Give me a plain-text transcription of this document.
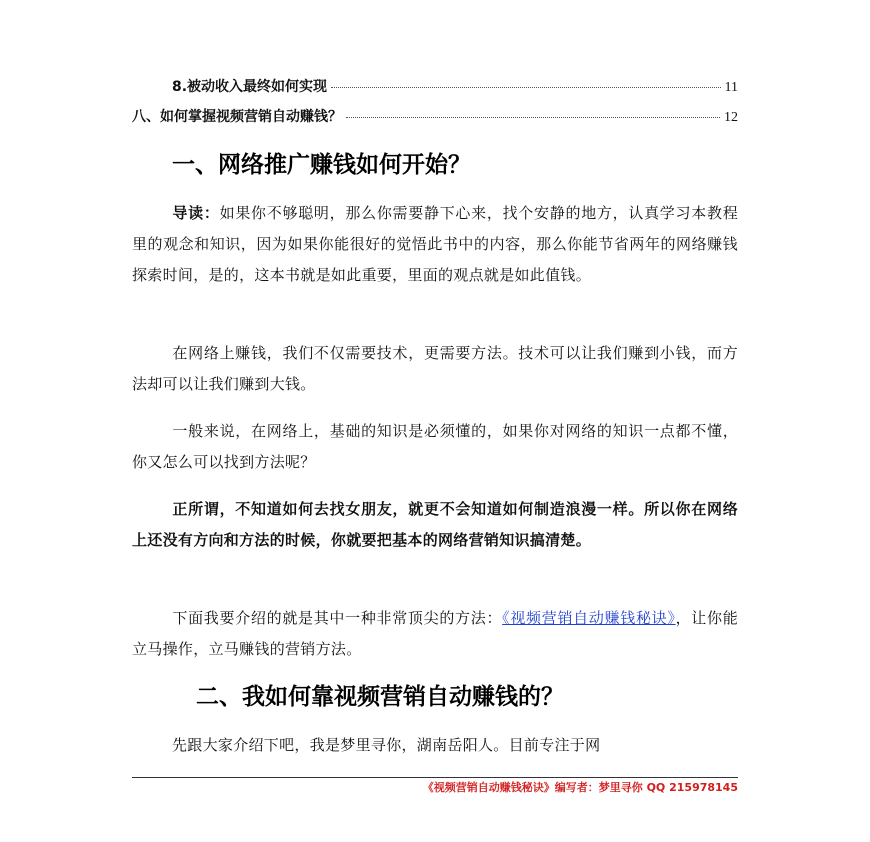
8.被动收入最终如何实现	11
八、如何掌握视频营销自动赚钱？	12
一、网络推广赚钱如何开始？

导读：如果你不够聪明，那么你需要静下心来，找个安静的地方，认真学习本教程里的观念和知识，因为如果你能很好的觉悟此书中的内容，那么你能节省两年的网络赚钱探索时间，是的，这本书就是如此重要，里面的观点就是如此值钱。

在网络上赚钱，我们不仅需要技术，更需要方法。技术可以让我们赚到小钱，而方法却可以让我们赚到大钱。

一般来说，在网络上，基础的知识是必须懂的，如果你对网络的知识一点都不懂，你又怎么可以找到方法呢？

正所谓，不知道如何去找女朋友，就更不会知道如何制造浪漫一样。所以你在网络上还没有方向和方法的时候，你就要把基本的网络营销知识搞清楚。

下面我要介绍的就是其中一种非常顶尖的方法：《视频营销自动赚钱秘诀》，让你能立马操作，立马赚钱的营销方法。

二、我如何靠视频营销自动赚钱的？

先跟大家介绍下吧，我是梦里寻你，湖南岳阳人。目前专注于网

《视频营销自动赚钱秘诀》编写者：梦里寻你 QQ 215978145
